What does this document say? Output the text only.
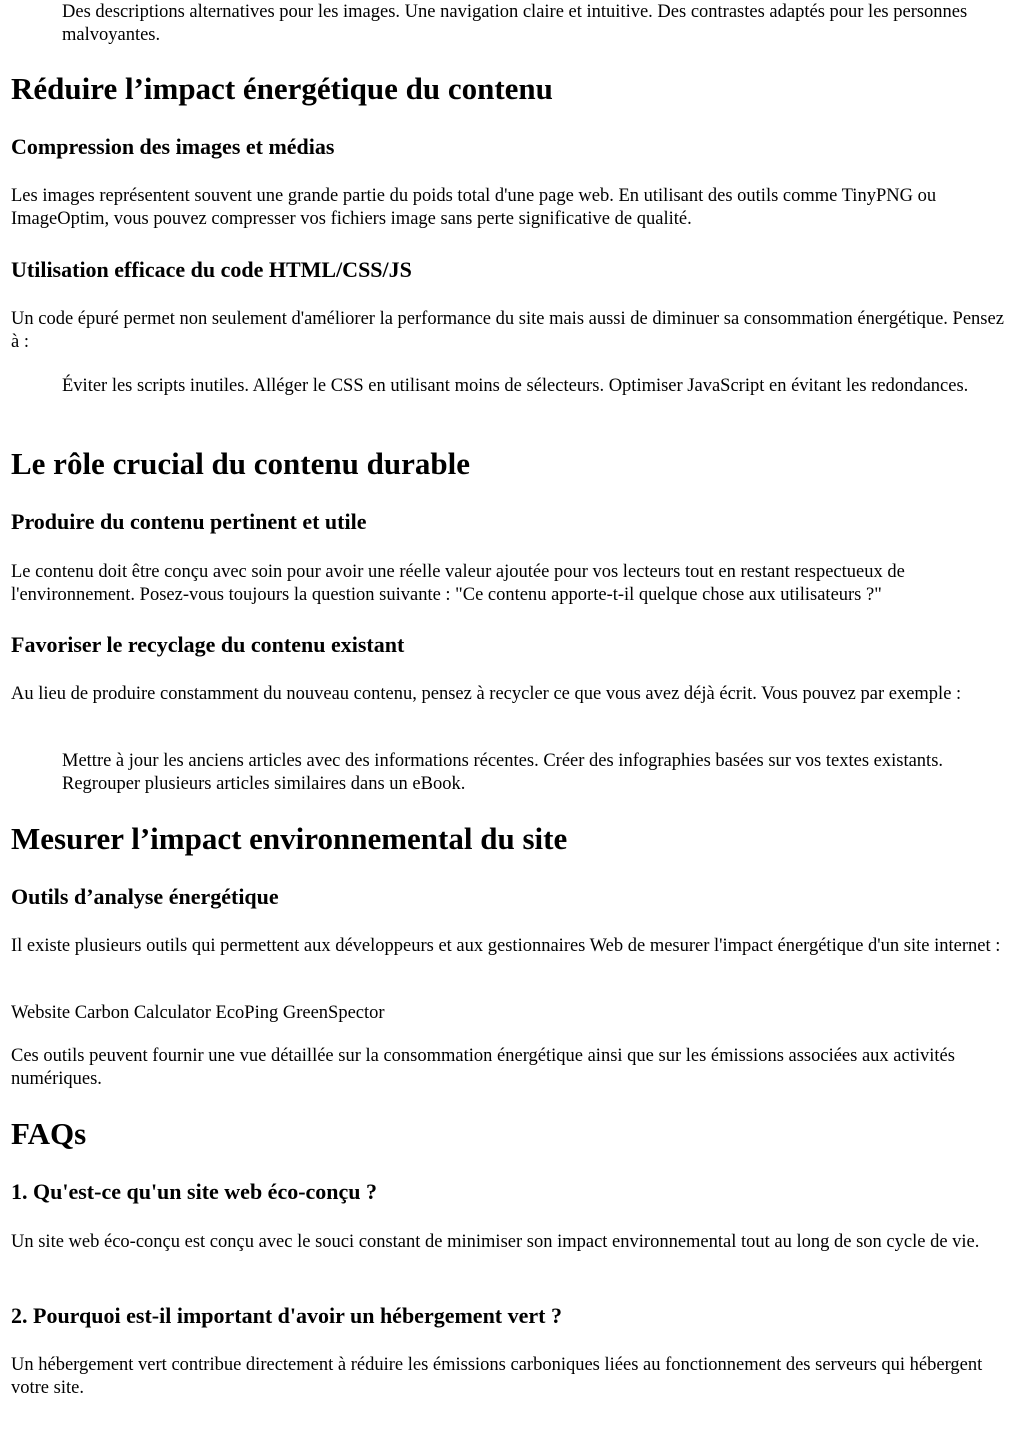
Des descriptions alternatives pour les images. Une navigation claire et intuitive. Des contrastes adaptés pour les personnes malvoyantes.

Réduire l’impact énergétique du contenu
Compression des images et médias

Les images représentent souvent une grande partie du poids total d'une page web. En utilisant des outils comme TinyPNG ou ImageOptim, vous pouvez compresser vos fichiers image sans perte significative de qualité.

Utilisation efficace du code HTML/CSS/JS

Un code épuré permet non seulement d'améliorer la performance du site mais aussi de diminuer sa consommation énergétique. Pensez à :

Éviter les scripts inutiles. Alléger le CSS en utilisant moins de sélecteurs. Optimiser JavaScript en évitant les redondances.

Le rôle crucial du contenu durable
Produire du contenu pertinent et utile

Le contenu doit être conçu avec soin pour avoir une réelle valeur ajoutée pour vos lecteurs tout en restant respectueux de l'environnement. Posez-vous toujours la question suivante : "Ce contenu apporte-t-il quelque chose aux utilisateurs ?"

Favoriser le recyclage du contenu existant

Au lieu de produire constamment du nouveau contenu, pensez à recycler ce que vous avez déjà écrit. Vous pouvez par exemple :

Mettre à jour les anciens articles avec des informations récentes. Créer des infographies basées sur vos textes existants. Regrouper plusieurs articles similaires dans un eBook.

Mesurer l’impact environnemental du site
Outils d’analyse énergétique

Il existe plusieurs outils qui permettent aux développeurs et aux gestionnaires Web de mesurer l'impact énergétique d'un site internet :

Website Carbon Calculator EcoPing GreenSpector

Ces outils peuvent fournir une vue détaillée sur la consommation énergétique ainsi que sur les émissions associées aux activités numériques.

FAQs
1. Qu'est-ce qu'un site web éco-conçu ?

Un site web éco-conçu est conçu avec le souci constant de minimiser son impact environnemental tout au long de son cycle de vie.

2. Pourquoi est-il important d'avoir un hébergement vert ?

Un hébergement vert contribue directement à réduire les émissions carboniques liées au fonctionnement des serveurs qui hébergent votre site.
